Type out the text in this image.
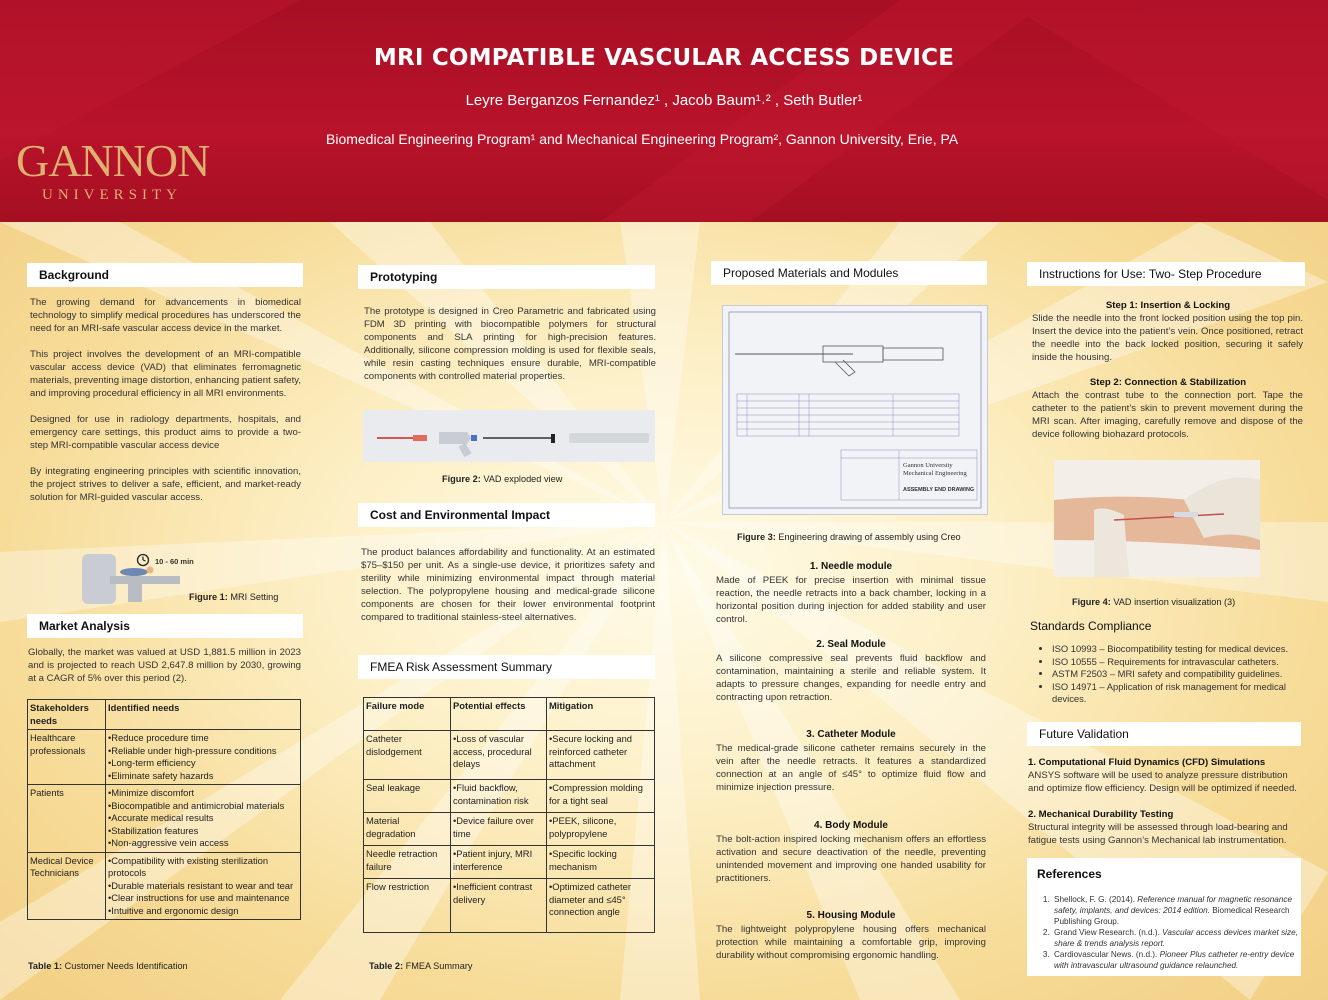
MRI COMPATIBLE VASCULAR ACCESS DEVICE
Leyre Berganzos Fernandez¹ , Jacob Baum¹˒² , Seth Butler¹
Biomedical Engineering Program¹ and Mechanical Engineering Program², Gannon University, Erie, PA
GANNON
UNIVERSITY
Background

The growing demand for advancements in biomedical technology to simplify medical procedures has underscored the need for an MRI-safe vascular access device in the market.

This project involves the development of an MRI-compatible vascular access device (VAD) that eliminates ferromagnetic materials, preventing image distortion, enhancing patient safety, and improving procedural efficiency in all MRI environments.

Designed for use in radiology departments, hospitals, and emergency care settings, this product aims to provide a two-step MRI-compatible vascular access device

By integrating engineering principles with scientific innovation, the project strives to deliver a safe, efficient, and market-ready solution for MRI-guided vascular access.

10 - 60 min
Figure 1: MRI Setting
Market Analysis
Globally, the market was valued at USD 1,881.5 million in 2023 and is projected to reach USD 2,647.8 million by 2030, growing at a CAGR of 5% over this period (2).
Stakeholders needs	Identified needs
Healthcare professionals	•Reduce procedure time
•Reliable under high-pressure conditions
•Long-term efficiency
•Eliminate safety hazards

Patients	•Minimize discomfort
•Biocompatible and antimicrobial materials
•Accurate medical results
•Stabilization features
•Non-aggressive vein access

Medical Device Technicians	•Compatibility with existing sterilization protocols
•Durable materials resistant to wear and tear
•Clear instructions for use and maintenance
•Intuitive and ergonomic design
Table 1: Customer Needs Identification
Prototyping
The prototype is designed in Creo Parametric and fabricated using FDM 3D printing with biocompatible polymers for structural components and SLA printing for high-precision features. Additionally, silicone compression molding is used for flexible seals, while resin casting techniques ensure durable, MRI-compatible components with controlled material properties.
Figure 2: VAD exploded view
Cost and Environmental Impact
The product balances affordability and functionality. At an estimated $75–$150 per unit. As a single-use device, it prioritizes safety and sterility while minimizing environmental impact through material selection. The polypropylene housing and medical-grade silicone components are chosen for their lower environmental footprint compared to traditional stainless-steel alternatives.
FMEA Risk Assessment Summary
Failure mode	Potential effects	Mitigation
Catheter dislodgement	•Loss of vascular access, procedural delays	•Secure locking and reinforced catheter attachment
Seal leakage	•Fluid backflow, contamination risk	•Compression molding for a tight seal
Material degradation	•Device failure over time	•PEEK, silicone, polypropylene
Needle retraction failure	•Patient injury, MRI interference	•Specific locking mechanism
Flow restriction	•Inefficient contrast delivery	•Optimized catheter diameter and ≤45° connection angle
Table 2: FMEA Summary
Proposed Materials and Modules
Gannon University
Mechanical Engineering
ASSEMBLY END DRAWING
Figure 3: Engineering drawing of assembly using Creo
1. Needle module
Made of PEEK for precise insertion with minimal tissue reaction, the needle retracts into a back chamber, locking in a horizontal position during injection for added stability and user control.
2. Seal Module
A silicone compressive seal prevents fluid backflow and contamination, maintaining a sterile and reliable system. It adapts to pressure changes, expanding for needle entry and contracting upon retraction.
3. Catheter Module
The medical-grade silicone catheter remains securely in the vein after the needle retracts. It features a standardized connection at an angle of ≤45° to optimize fluid flow and minimize injection pressure.
4. Body Module
The bolt-action inspired locking mechanism offers an effortless activation and secure deactivation of the needle, preventing unintended movement and improving one handed usability for practitioners.
5. Housing Module
The lightweight polypropylene housing offers mechanical protection while maintaining a comfortable grip, improving durability without compromising ergonomic handling.
Instructions for Use: Two- Step Procedure
Step 1: Insertion & Locking
Slide the needle into the front locked position using the top pin. Insert the device into the patient’s vein. Once positioned, retract the needle into the back locked position, securing it safely inside the housing.
Step 2: Connection & Stabilization
Attach the contrast tube to the connection port. Tape the catheter to the patient’s skin to prevent movement during the MRI scan. After imaging, carefully remove and dispose of the device following biohazard protocols.
Figure 4: VAD insertion visualization (3)
Standards Compliance
• ISO 10993 – Biocompatibility testing for medical devices.
• ISO 10555 – Requirements for intravascular catheters.
• ASTM F2503 – MRI safety and compatibility guidelines.
• ISO 14971 – Application of risk management for medical devices.
Future Validation
1. Computational Fluid Dynamics (CFD) Simulations
ANSYS software will be used to analyze pressure distribution and optimize flow efficiency. Design will be optimized if needed.
2. Mechanical Durability Testing
Structural integrity will be assessed through load-bearing and fatigue tests using Gannon’s Mechanical lab instrumentation.
References
1. Shellock, F. G. (2014). Reference manual for magnetic resonance safety, implants, and devices: 2014 edition. Biomedical Research Publishing Group.
2. Grand View Research. (n.d.). Vascular access devices market size, share & trends analysis report.
3. Cardiovascular News. (n.d.). Pioneer Plus catheter re-entry device with intravascular ultrasound guidance relaunched.
